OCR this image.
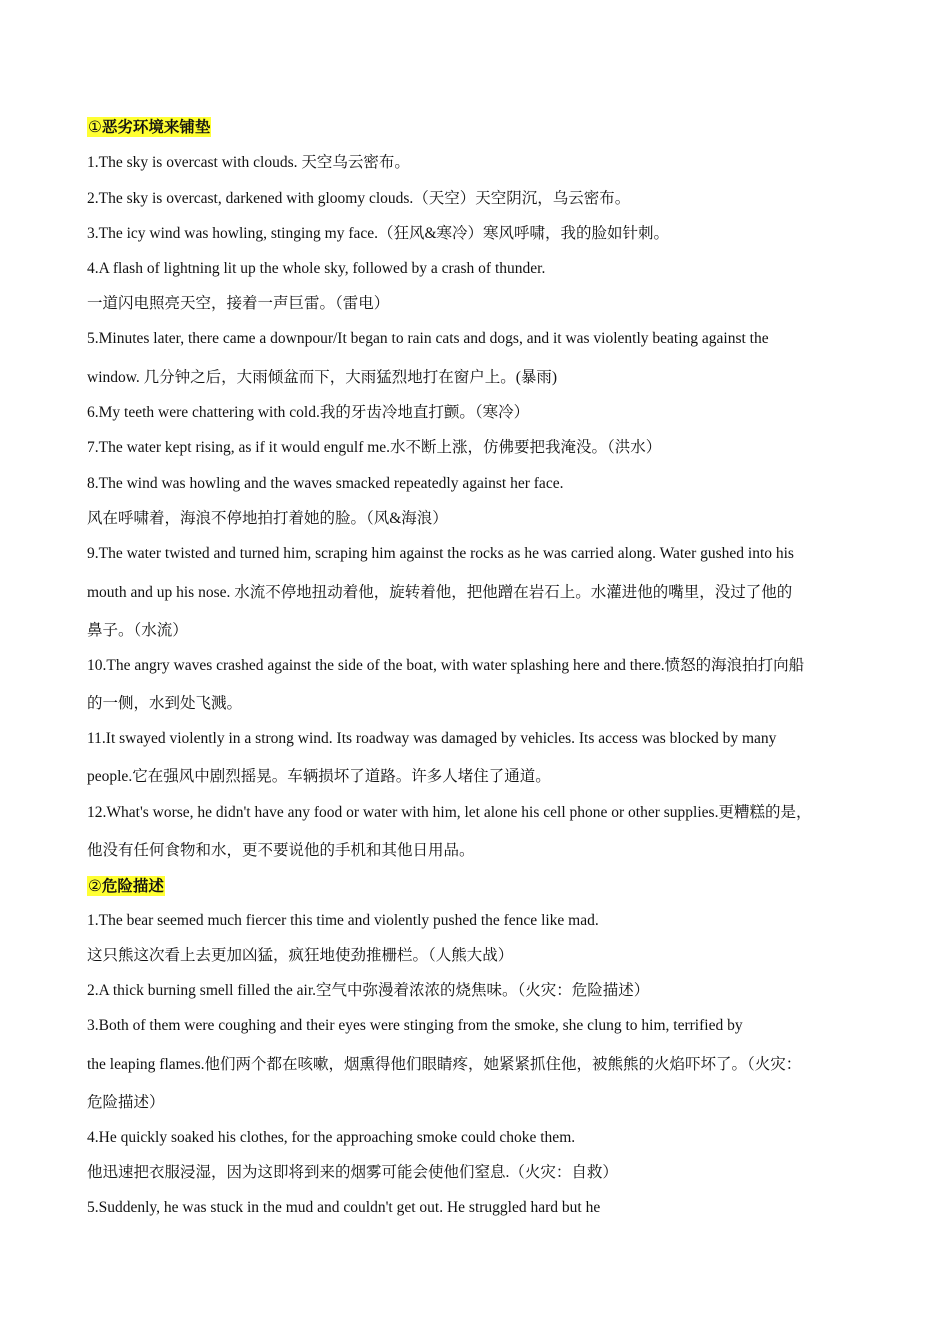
①恶劣环境来铺垫
1.The sky is overcast with clouds. 天空乌云密布。
2.The sky is overcast, darkened with gloomy clouds.（天空）天空阴沉，乌云密布。
3.The icy wind was howling, stinging my face.（狂风&寒冷）寒风呼啸，我的脸如针刺。
4.A flash of lightning lit up the whole sky, followed by a crash of thunder.
一道闪电照亮天空，接着一声巨雷。（雷电）
5.Minutes later, there came a downpour/It began to rain cats and dogs, and it was violently beating against the
window. 几分钟之后，大雨倾盆而下，大雨猛烈地打在窗户上。(暴雨)
6.My teeth were chattering with cold.我的牙齿冷地直打颤。（寒冷）
7.The water kept rising, as if it would engulf me.水不断上涨，仿佛要把我淹没。（洪水）
8.The wind was howling and the waves smacked repeatedly against her face.
风在呼啸着，海浪不停地拍打着她的脸。（风&海浪）
9.The water twisted and turned him, scraping him against the rocks as he was carried along. Water gushed into his
mouth and up his nose. 水流不停地扭动着他，旋转着他，把他蹭在岩石上。水灌进他的嘴里，没过了他的
鼻子。（水流）
10.The angry waves crashed against the side of the boat, with water splashing here and there.愤怒的海浪拍打向船
的一侧，水到处飞溅。
11.It swayed violently in a strong wind. Its roadway was damaged by vehicles. Its access was blocked by many
people.它在强风中剧烈摇晃。车辆损坏了道路。许多人堵住了通道。
12.What's worse, he didn't have any food or water with him, let alone his cell phone or other supplies.更糟糕的是，
他没有任何食物和水，更不要说他的手机和其他日用品。
②危险描述
1.The bear seemed much fiercer this time and violently pushed the fence like mad.
这只熊这次看上去更加凶猛，疯狂地使劲推栅栏。（人熊大战）
2.A thick burning smell filled the air.空气中弥漫着浓浓的烧焦味。（火灾：危险描述）
3.Both of them were coughing and their eyes were stinging from the smoke, she clung to him, terrified by
the leaping flames.他们两个都在咳嗽，烟熏得他们眼睛疼，她紧紧抓住他，被熊熊的火焰吓坏了。（火灾：
危险描述）
4.He quickly soaked his clothes, for the approaching smoke could choke them.
他迅速把衣服浸湿，因为这即将到来的烟雾可能会使他们窒息.（火灾：自救）
5.Suddenly, he was stuck in the mud and couldn't get out. He struggled hard but he
